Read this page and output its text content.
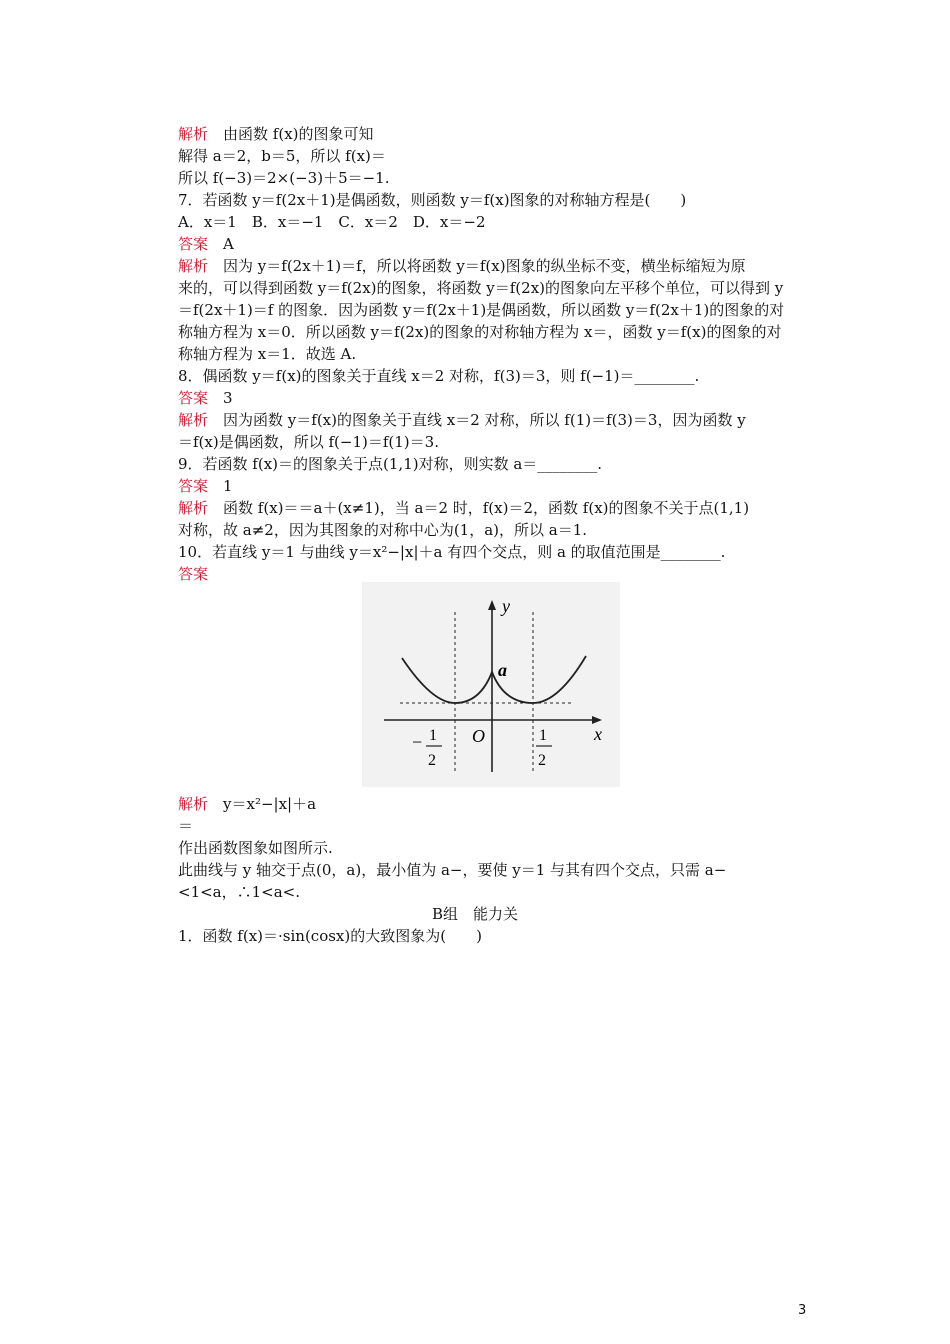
解析　 由函数 f(x)的图象可知
解得 a＝2，b＝5，所以 f(x)＝
所以 f(−3)＝2×(−3)＋5＝−1.
7．若函数 y＝f(2x＋1)是偶函数，则函数 y＝f(x)图象的对称轴方程是(　　)
A．x＝1　B．x＝−1　C．x＝2　D．x＝−2
答案　 A
解析　 因为 y＝f(2x＋1)＝f，所以将函数 y＝f(x)图象的纵坐标不变，横坐标缩短为原
来的，可以得到函数 y＝f(2x)的图象，将函数 y＝f(2x)的图象向左平移个单位，可以得到 y
＝f(2x＋1)＝f 的图象．因为函数 y＝f(2x＋1)是偶函数，所以函数 y＝f(2x＋1)的图象的对
称轴方程为 x＝0．所以函数 y＝f(2x)的图象的对称轴方程为 x＝，函数 y＝f(x)的图象的对
称轴方程为 x＝1．故选 A.
8．偶函数 y＝f(x)的图象关于直线 x＝2 对称，f(3)＝3，则 f(−1)＝________.
答案　 3
解析　 因为函数 y＝f(x)的图象关于直线 x＝2 对称，所以 f(1)＝f(3)＝3，因为函数 y
＝f(x)是偶函数，所以 f(−1)＝f(1)＝3.
9．若函数 f(x)＝的图象关于点(1,1)对称，则实数 a＝________.
答案　 1
解析　 函数 f(x)＝＝a＋(x≠1)，当 a＝2 时，f(x)＝2，函数 f(x)的图象不关于点(1,1)
对称，故 a≠2，因为其图象的对称中心为(1，a)，所以 a＝1.
10．若直线 y＝1 与曲线 y＝x²−|x|＋a 有四个交点，则 a 的取值范围是________.
答案
y
x
O
a
− 1
2
1
2
解析　 y＝x²−|x|＋a
＝
作出函数图象如图所示.
此曲线与 y 轴交于点(0，a)，最小值为 a−，要使 y＝1 与其有四个交点，只需 a−
<1<a，∴1<a<.
B组　能力关
1．函数 f(x)＝·sin(cosx)的大致图象为(　　)
3
